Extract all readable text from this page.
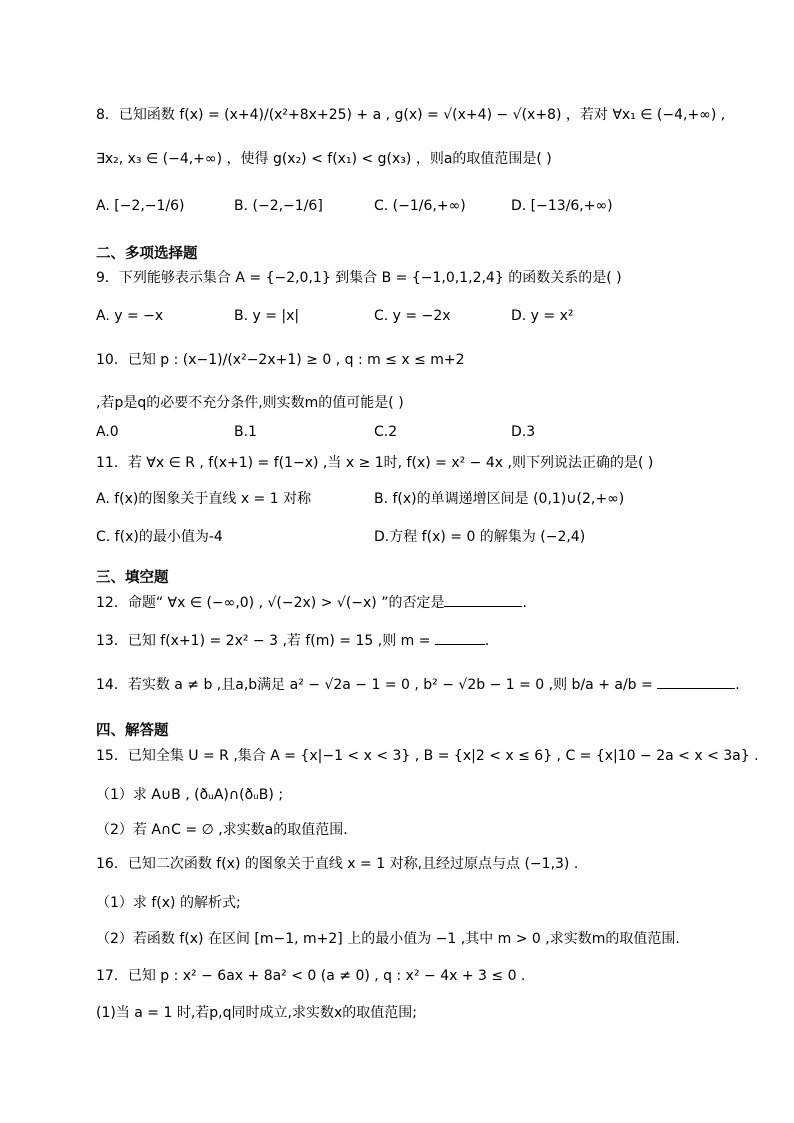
8．已知函数 f(x) = (x+4)/(x²+8x+25) + a , g(x) = √(x+4) − √(x+8) ，若对 ∀x₁ ∈ (−4,+∞) ,
∃x₂, x₃ ∈ (−4,+∞) ，使得 g(x₂) < f(x₁) < g(x₃) ，则a的取值范围是( )
A. [−2,−1/6)	B. (−2,−1/6]	C. (−1/6,+∞)	D. [−13/6,+∞)
二、多项选择题
9．下列能够表示集合 A = {−2,0,1} 到集合 B = {−1,0,1,2,4} 的函数关系的是( )
A. y = −x	B. y = |x|	C. y = −2x	D. y = x²
10．已知 p : (x−1)/(x²−2x+1) ≥ 0 , q : m ≤ x ≤ m+2
,若p是q的必要不充分条件,则实数m的值可能是( )
A.0	B.1	C.2	D.3
11．若 ∀x ∈ R , f(x+1) = f(1−x) ,当 x ≥ 1时, f(x) = x² − 4x ,则下列说法正确的是( )
A. f(x)的图象关于直线 x = 1 对称	B. f(x)的单调递增区间是 (0,1)∪(2,+∞)
C. f(x)的最小值为-4	D.方程 f(x) = 0 的解集为 (−2,4)
三、填空题
12．命题“ ∀x ∈ (−∞,0) , √(−2x) > √(−x) ”的否定是	.
13．已知 f(x+1) = 2x² − 3 ,若 f(m) = 15 ,则 m =	.
14．若实数 a ≠ b ,且a,b满足 a² − √2a − 1 = 0 , b² − √2b − 1 = 0 ,则 b/a + a/b =	.
四、解答题
15．已知全集 U = R ,集合 A = {x|−1 < x < 3} , B = {x|2 < x ≤ 6} , C = {x|10 − 2a < x < 3a} .
（1）求 A∪B , (ðᵤA)∩(ðᵤB) ;
（2）若 A∩C = ∅ ,求实数a的取值范围.
16．已知二次函数 f(x) 的图象关于直线 x = 1 对称,且经过原点与点 (−1,3) .
（1）求 f(x) 的解析式;
（2）若函数 f(x) 在区间 [m−1, m+2] 上的最小值为 −1 ,其中 m > 0 ,求实数m的取值范围.
17．已知 p : x² − 6ax + 8a² < 0 (a ≠ 0) , q : x² − 4x + 3 ≤ 0 .
(1)当 a = 1 时,若p,q同时成立,求实数x的取值范围;
